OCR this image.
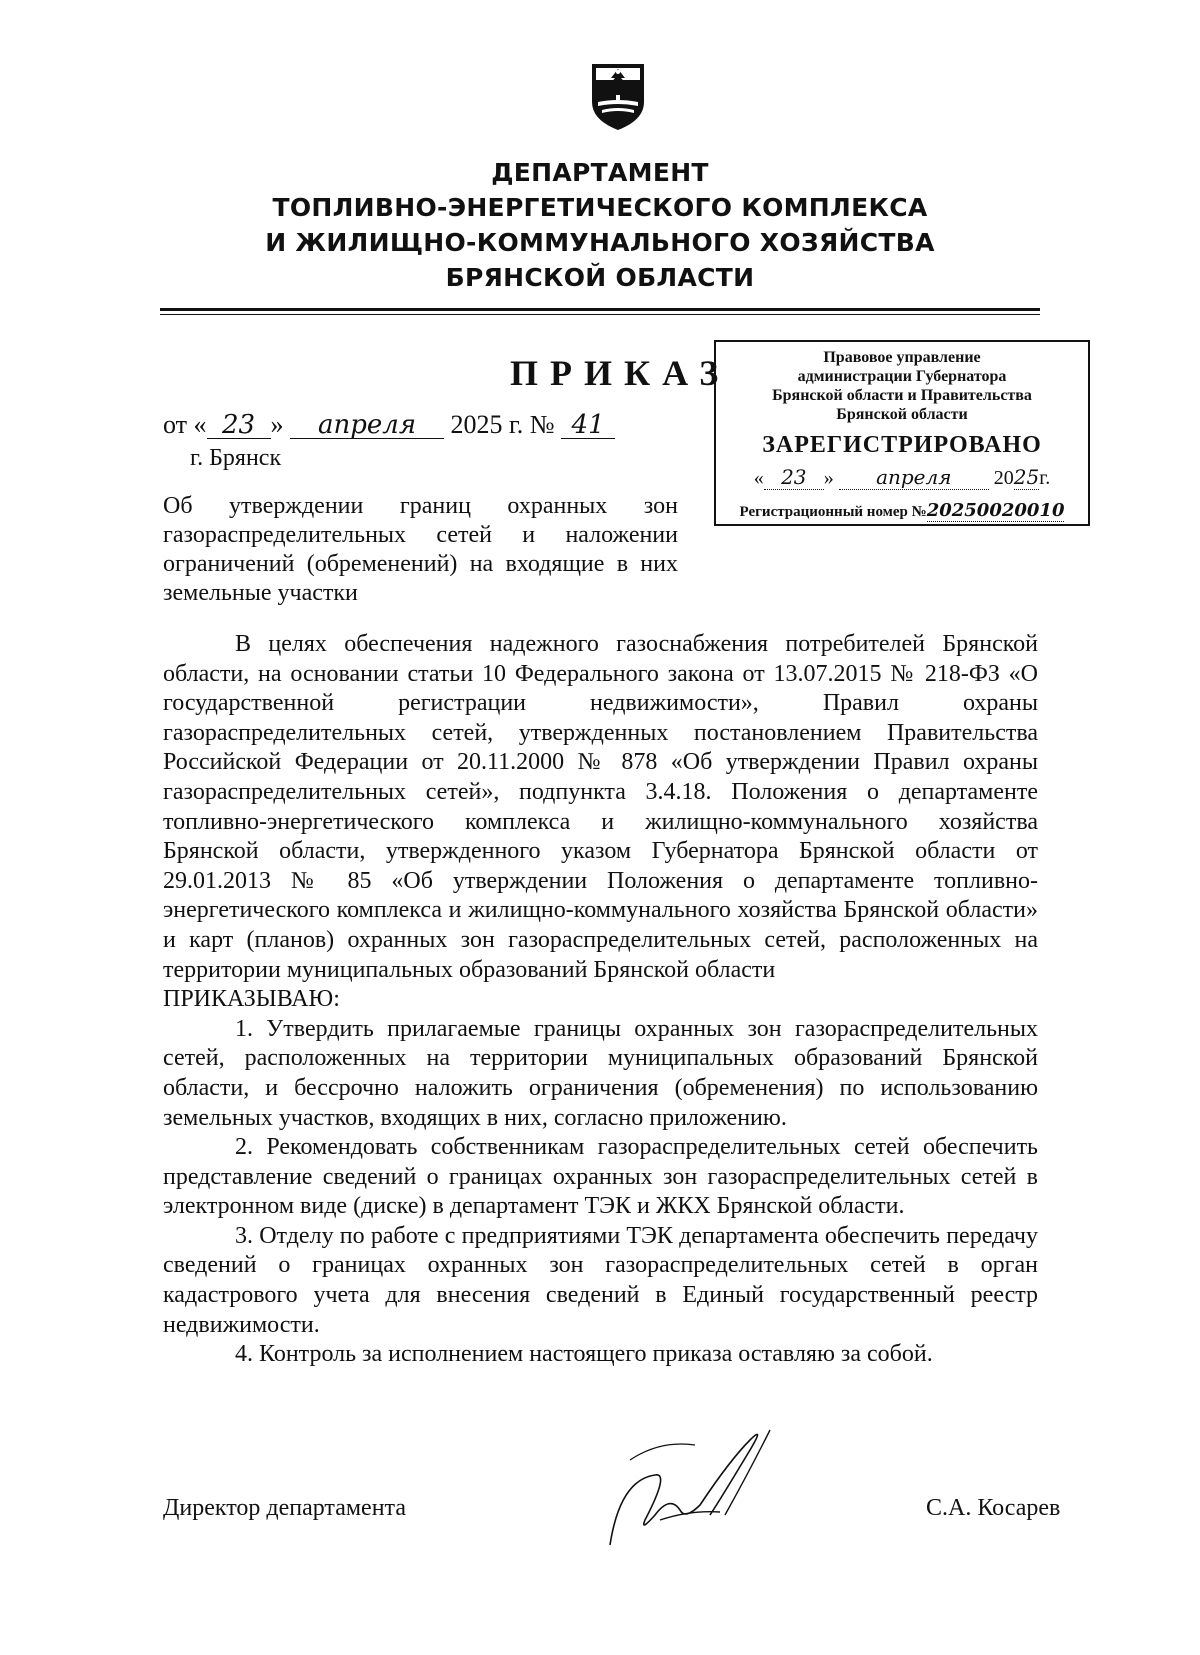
ДЕПАРТАМЕНТ
ТОПЛИВНО-ЭНЕРГЕТИЧЕСКОГО КОМПЛЕКСА
И ЖИЛИЩНО-КОММУНАЛЬНОГО ХОЗЯЙСТВА
БРЯНСКОЙ ОБЛАСТИ
ПРИКАЗ
от « 23 » апреля 2025 г. № 41
г. Брянск
Об утверждении границ охранных зон газораспределительных сетей и наложении ограничений (обременений) на входящие в них земельные участки
Правовое управление
администрации Губернатора
Брянской области и Правительства
Брянской области
ЗАРЕГИСТРИРОВАНО
« 23 » апреля 2025г.
Регистрационный номер №20250020010

В целях обеспечения надежного газоснабжения потребителей Брянской области, на основании статьи 10 Федерального закона от 13.07.2015 № 218-ФЗ «О государственной регистрации недвижимости», Правил охраны газораспределительных сетей, утвержденных постановлением Правительства Российской Федерации от 20.11.2000 № 878 «Об утверждении Правил охраны газораспределительных сетей», подпункта 3.4.18. Положения о департаменте топливно-энергетического комплекса и жилищно-коммунального хозяйства Брянской области, утвержденного указом Губернатора Брянской области от 29.01.2013 № 85 «Об утверждении Положения о департаменте топливно-энергетического комплекса и жилищно-коммунального хозяйства Брянской области» и карт (планов) охранных зон газораспределительных сетей, расположенных на территории муниципальных образований Брянской области

ПРИКАЗЫВАЮ:

1. Утвердить прилагаемые границы охранных зон газораспределительных сетей, расположенных на территории муниципальных образований Брянской области, и бессрочно наложить ограничения (обременения) по использованию земельных участков, входящих в них, согласно приложению.

2. Рекомендовать собственникам газораспределительных сетей обеспечить представление сведений о границах охранных зон газораспределительных сетей в электронном виде (диске) в департамент ТЭК и ЖКХ Брянской области.

3. Отделу по работе с предприятиями ТЭК департамента обеспечить передачу сведений о границах охранных зон газораспределительных сетей в орган кадастрового учета для внесения сведений в Единый государственный реестр недвижимости.

4. Контроль за исполнением настоящего приказа оставляю за собой.

Директор департамента	С.А. Косарев
